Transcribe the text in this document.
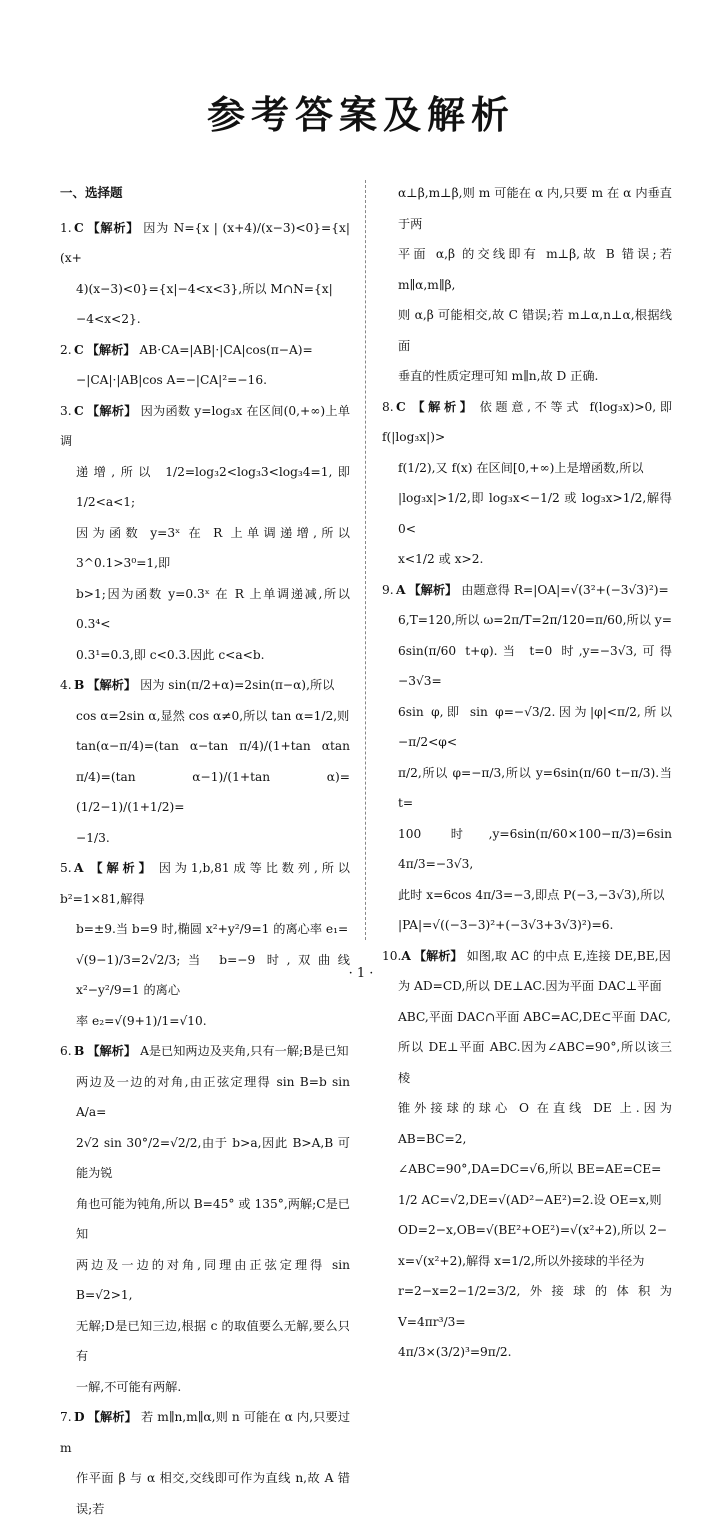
参考答案及解析
一、选择题

1. C 【解析】 因为 N={x | (x+4)/(x−3)<0}={x|(x+

4)(x−3)<0}={x|−4<x<3},所以 M∩N={x|

−4<x<2}.

2. C 【解析】 AB·CA=|AB|·|CA|cos(π−A)=

−|CA|·|AB|cos A=−|CA|²=−16.

3. C 【解析】 因为函数 y=log₃x 在区间(0,+∞)上单调

递增,所以 1/2=log₃2<log₃3<log₃4=1,即 1/2<a<1;

因为函数 y=3ˣ 在 R 上单调递增,所以 3^0.1>3⁰=1,即

b>1;因为函数 y=0.3ˣ 在 R 上单调递减,所以0.3⁴<

0.3¹=0.3,即 c<0.3.因此 c<a<b.

4. B 【解析】 因为 sin(π/2+α)=2sin(π−α),所以

cos α=2sin α,显然 cos α≠0,所以 tan α=1/2,则

tan(α−π/4)=(tan α−tan π/4)/(1+tan αtan π/4)=(tan α−1)/(1+tan α)=(1/2−1)/(1+1/2)=

−1/3.

5. A 【解析】 因为1,b,81成等比数列,所以 b²=1×81,解得

b=±9.当 b=9 时,椭圆 x²+y²/9=1 的离心率 e₁=

√(9−1)/3=2√2/3;当 b=−9 时,双曲线 x²−y²/9=1 的离心

率 e₂=√(9+1)/1=√10.

6. B 【解析】 A是已知两边及夹角,只有一解;B是已知

两边及一边的对角,由正弦定理得 sin B=b sin A/a=

2√2 sin 30°/2=√2/2,由于 b>a,因此 B>A,B 可能为锐

角也可能为钝角,所以 B=45° 或 135°,两解;C是已知

两边及一边的对角,同理由正弦定理得 sin B=√2>1,

无解;D是已知三边,根据 c 的取值要么无解,要么只有

一解,不可能有两解.

7. D 【解析】 若 m∥n,m∥α,则 n 可能在 α 内,只要过 m

作平面 β 与 α 相交,交线即可作为直线 n,故 A 错误;若

α⊥β,m⊥β,则 m 可能在 α 内,只要 m 在 α 内垂直于两

平面 α,β 的交线即有 m⊥β,故 B 错误;若 m∥α,m∥β,

则 α,β 可能相交,故 C 错误;若 m⊥α,n⊥α,根据线面

垂直的性质定理可知 m∥n,故 D 正确.

8. C 【解析】 依题意,不等式 f(log₃x)>0,即 f(|log₃x|)>

f(1/2),又 f(x) 在区间[0,+∞)上是增函数,所以

|log₃x|>1/2,即 log₃x<−1/2 或 log₃x>1/2,解得 0<

x<1/2 或 x>2.

9. A 【解析】 由题意得 R=|OA|=√(3²+(−3√3)²)=

6,T=120,所以 ω=2π/T=2π/120=π/60,所以 y=

6sin(π/60 t+φ).当 t=0 时,y=−3√3,可得 −3√3=

6sin φ,即 sin φ=−√3/2.因为|φ|<π/2,所以 −π/2<φ<

π/2,所以 φ=−π/3,所以 y=6sin(π/60 t−π/3).当 t=

100 时,y=6sin(π/60×100−π/3)=6sin 4π/3=−3√3,

此时 x=6cos 4π/3=−3,即点 P(−3,−3√3),所以

|PA|=√((−3−3)²+(−3√3+3√3)²)=6.

10.A 【解析】 如图,取 AC 的中点 E,连接 DE,BE,因

为 AD=CD,所以 DE⊥AC.因为平面 DAC⊥平面

ABC,平面 DAC∩平面 ABC=AC,DE⊂平面 DAC,

所以 DE⊥平面 ABC.因为∠ABC=90°,所以该三棱

锥外接球的球心 O 在直线 DE 上.因为 AB=BC=2,

∠ABC=90°,DA=DC=√6,所以 BE=AE=CE=

1/2 AC=√2,DE=√(AD²−AE²)=2.设 OE=x,则

OD=2−x,OB=√(BE²+OE²)=√(x²+2),所以 2−

x=√(x²+2),解得 x=1/2,所以外接球的半径为

r=2−x=2−1/2=3/2,外接球的体积为 V=4πr³/3=

4π/3×(3/2)³=9π/2.

· 1 ·
